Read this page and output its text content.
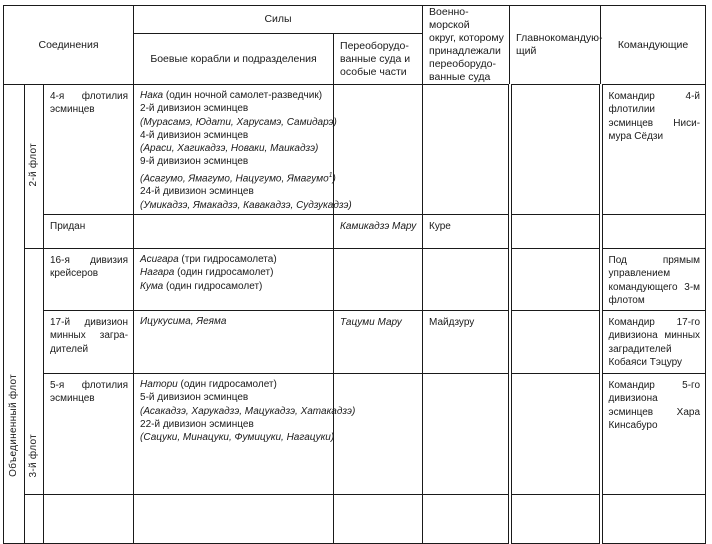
Соединения			Силы		Военно-морской
округ, которому
принадлежали
переоборудо-
ванные суда	Главнокомандую-
щий	Командующие
			Боевые корабли и подразделения	Переоборудо-
ванные суда и
особые части			
Объединенный флот	2-й флот	4-я флотилия эсминцев	
Нака (один ночной самолет-разведчик)
2-й дивизион эсминцев
(Мурасамэ, Юдати, Харусамэ, Самидарэ)
4-й дивизион эсминцев
(Араси, Хагикадзэ, Новаки, Маикадзэ)
9-й дивизион эсминцев
(Асагумо, Ямагумо, Нацугумо, Ямагумо$^1$)
24-й дивизион эсминцев
(Умикадзэ, Ямакадзэ, Кавакадзэ, Судзукадзэ)
				Командир 4-й флотилии эсминцев Нисимура Сёдзи
		Придан		Камикадзэ Мару	Куре		
	3-й флот	16-я дивизия крейсеров	Асигара (три гидросамолета)
Нагара (один гидросамолет)
Кума (один гидросамолет)				Под прямым управлением командующего 3-м флотом
		17-й дивизион минных заградителей	Ицукусима, Яеяма	Тацуми Мару	Майдзуру		Командир 17-го дивизиона минных заградителей
Кобаяси Тэцуру
		5-я флотилия эсминцев	Натори (один гидросамолет)
5-й дивизион эсминцев
(Асакадзэ, Харукадзэ, Мацукадзэ, Хатакадзэ)
22-й дивизион эсминцев
(Сацуки, Минацуки, Фумицуки, Нагацуки)				Командир 5-го дивизиона эсминцев Хара Кинсабуро
